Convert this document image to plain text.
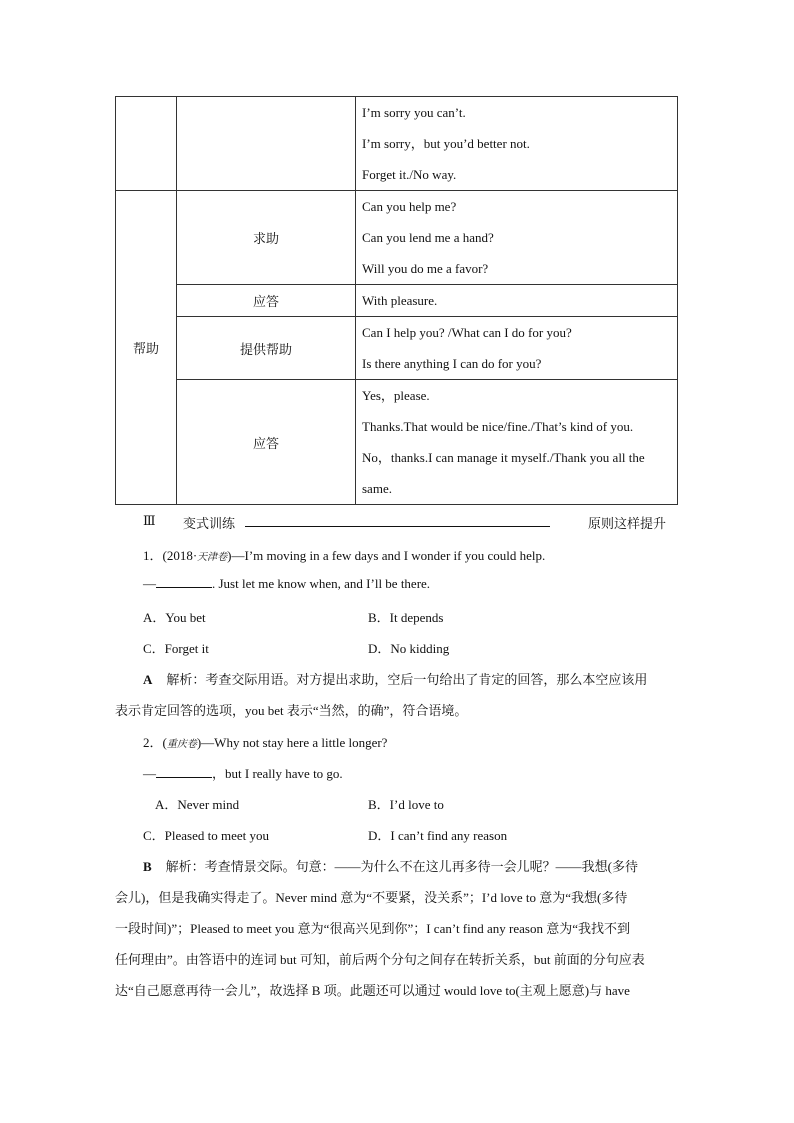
		I’m sorry you can’t.
I’m sorry，but you’d better not.
Forget it./No way.

帮助	求助	Can you help me?
Can you lend me a hand?
Will you do me a favor?

	应答	With pleasure.

	提供帮助	Can I help you? /What can I do for you?
Is there anything I can do for you?

	应答	Yes，please.
Thanks.That would be nice/fine./That’s kind of you.
No，thanks.I can manage it myself./Thank you all the
same.
Ⅲ 变式训练	原则这样提升
1．(2018·天津卷)—I’m moving in a few days and I wonder if you could help.
—	. Just let me know when, and I’ll be there.
A．You bet	B．It depends
C．Forget it	D．No kidding
A 解析：考查交际用语。对方提出求助，空后一句给出了肯定的回答，那么本空应该用
表示肯定回答的选项，you bet 表示“当然，的确”，符合语境。
2．(重庆卷)—Why not stay here a little longer?
—	，but I really have to go.
A．Never mind	B．I’d love to
C．Pleased to meet you	D．I can’t find any reason
B 解析：考查情景交际。句意：——为什么不在这儿再多待一会儿呢？——我想(多待
会儿)，但是我确实得走了。Never mind 意为“不要紧，没关系”；I’d love to 意为“我想(多待
一段时间)”；Pleased to meet you 意为“很高兴见到你”；I can’t find any reason 意为“我找不到
任何理由”。由答语中的连词 but 可知，前后两个分句之间存在转折关系，but 前面的分句应表
达“自己愿意再待一会儿”，故选择 B 项。此题还可以通过 would love to(主观上愿意)与 have
